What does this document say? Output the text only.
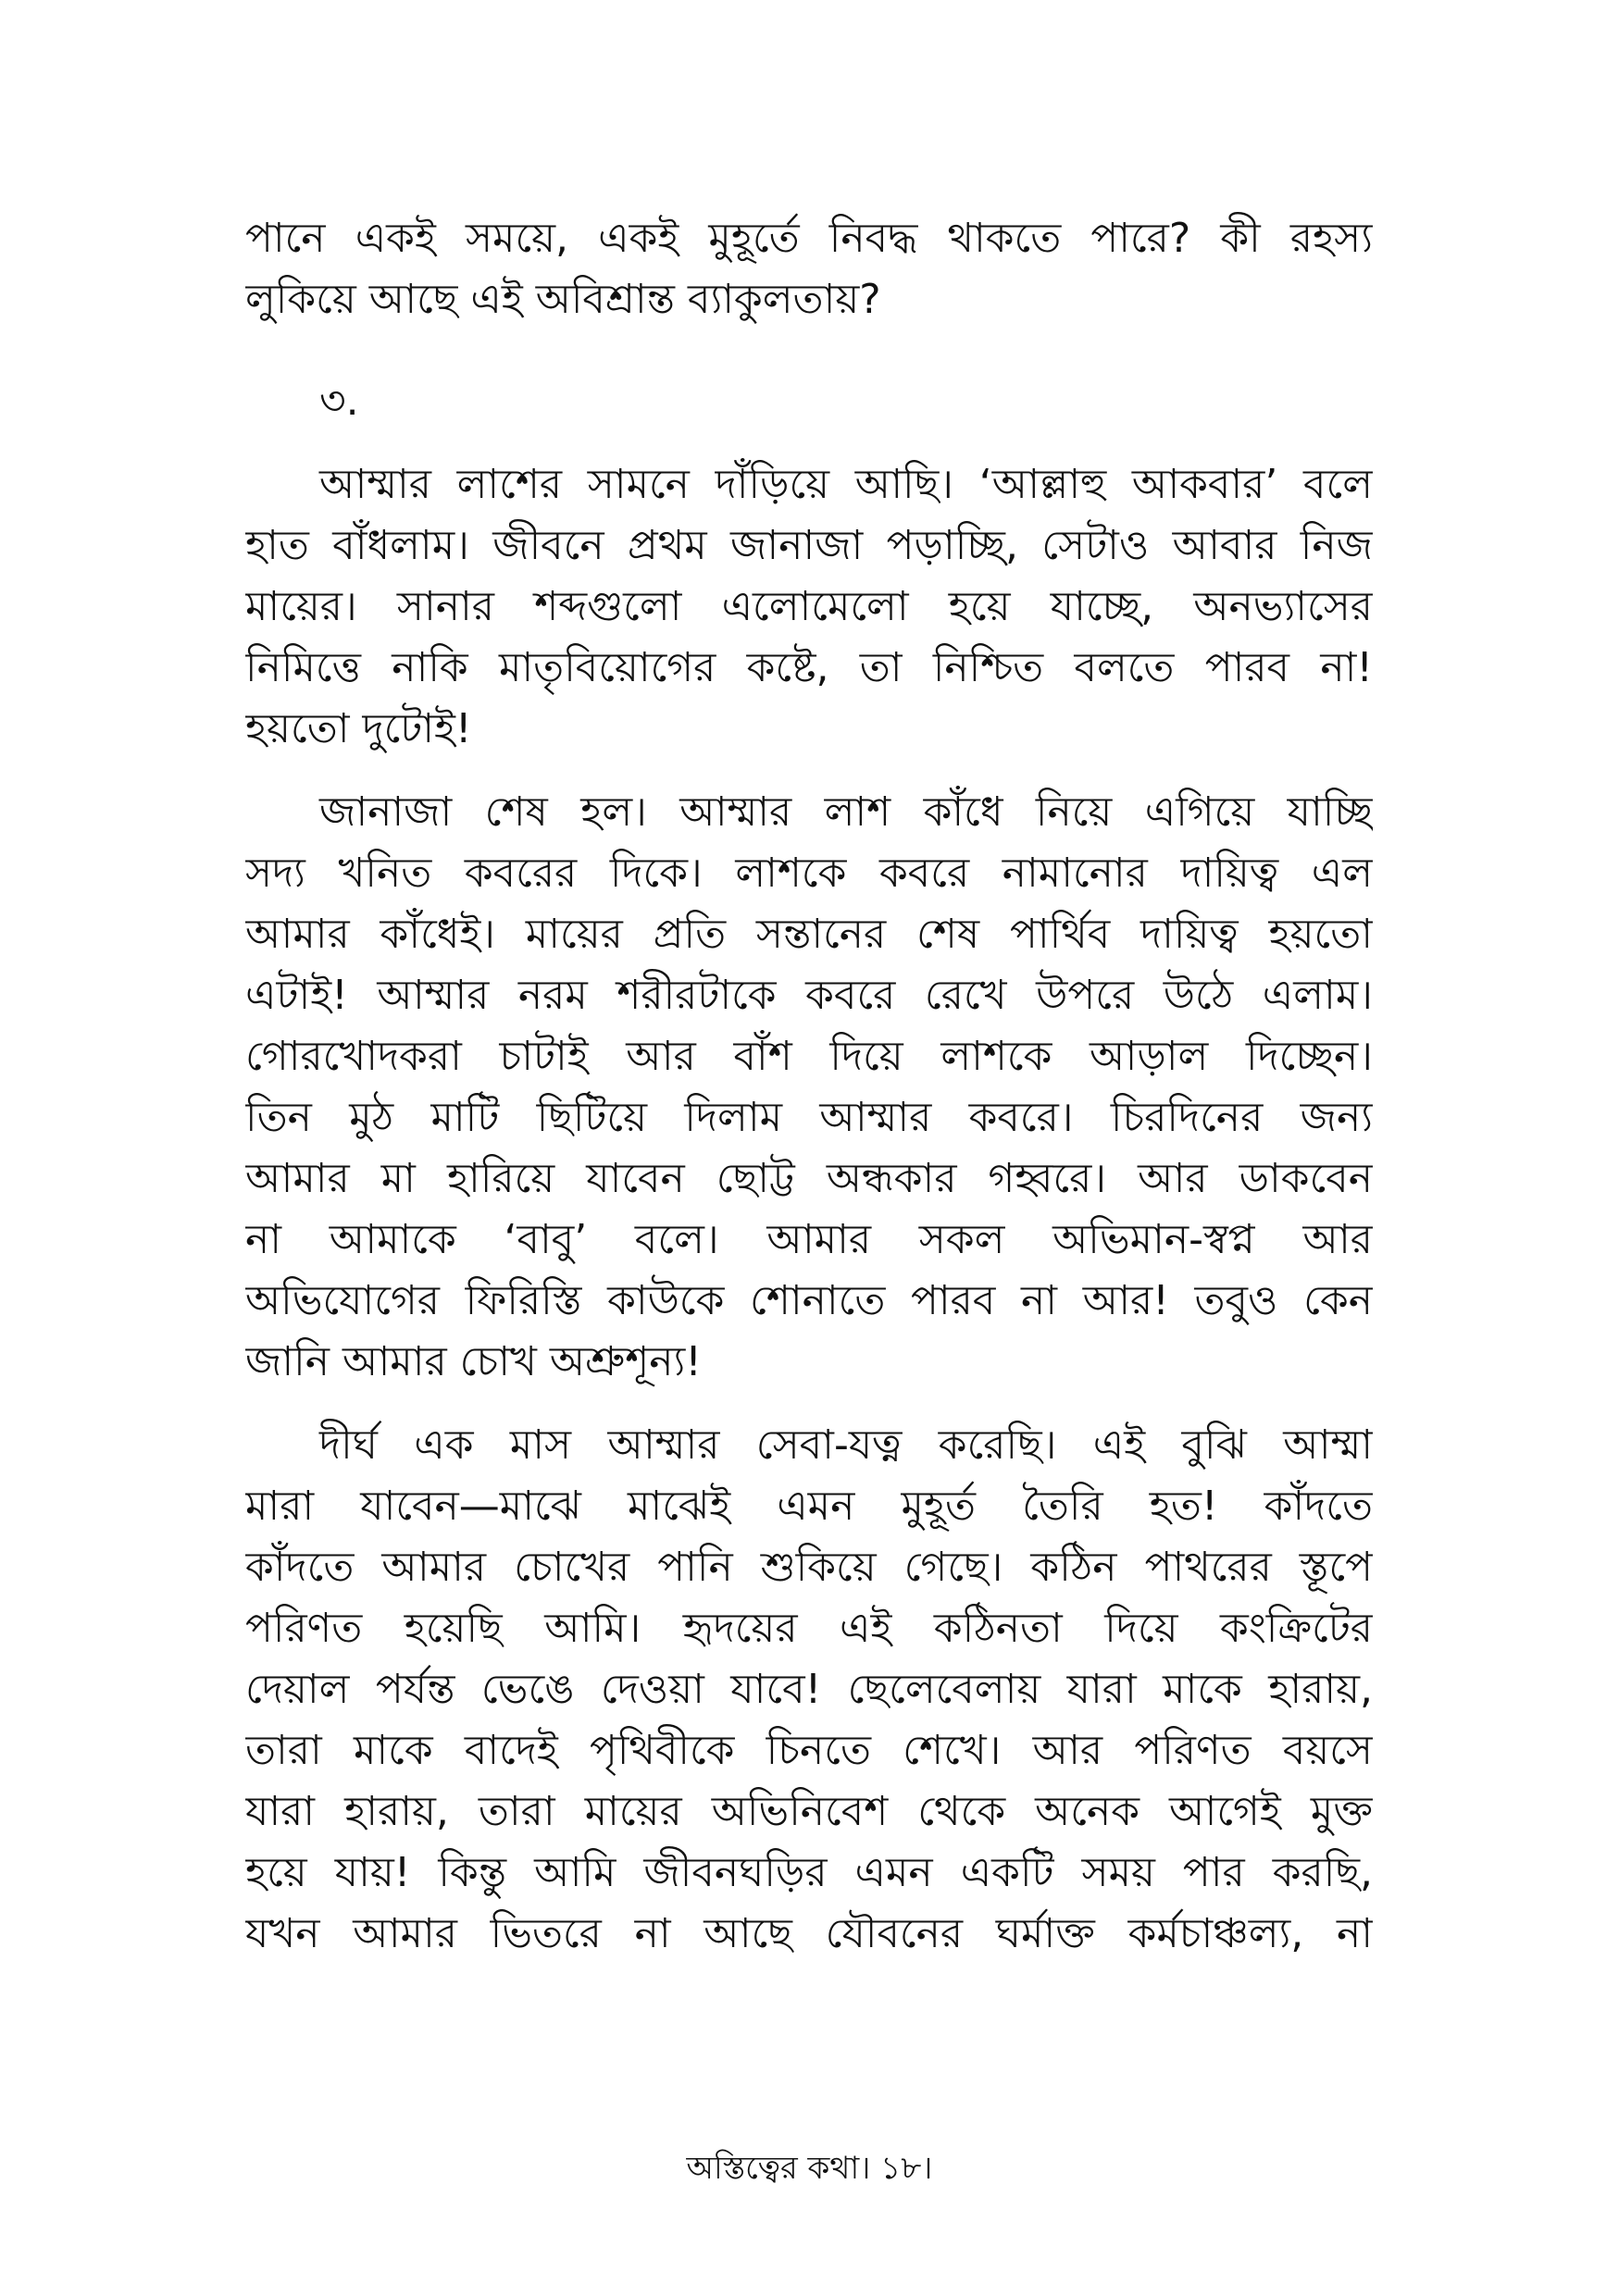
পানে একই সময়ে, একই মুহূর্তে নিবদ্ধ থাকতে পারে? কী রহস্য
লুকিয়ে আছে এই অবিশ্রান্ত ব্যাকুলতায়?
৩.
আম্মার লাশের সামনে দাঁড়িয়ে আছি। ‘আল্লাহু আকবার’ বলে
হাত বাঁধলাম। জীবনে প্রথম জানাজা পড়াচ্ছি, সেটাও আবার নিজ
মায়ের। সানার শব্দগুলো এলোমেলো হয়ে যাচ্ছে, অনভ্যাসের
নিমিত্তে নাকি মাতৃবিয়োগের কষ্টে, তা নিশ্চিত বলতে পারব না!
হয়তো দুটোই!
জানাজা শেষ হল। আম্মার লাশ কাঁধে নিয়ে এগিয়ে যাচ্ছি
সদ্য খনিত কবরের দিকে। লাশকে কবরে নামানোর দায়িত্ব এল
আমার কাঁধেই। মায়ের প্রতি সন্তানের শেষ পার্থিব দায়িত্ব হয়তো
এটাই! আম্মার নরম শরীরটাকে কবরে রেখে উপরে উঠে এলাম।
গোরখোদকরা চাটাই আর বাঁশ দিয়ে লাশকে আড়াল দিচ্ছেন।
তিন মুঠ মাটি ছিটিয়ে দিলাম আম্মার কবরে। চিরদিনের জন্য
আমার মা হারিয়ে যাবেন ছোট্ট অন্ধকার গহ্বরে। আর ডাকবেন
না আমাকে ‘বাবু’ বলে। আমার সকল অভিমান-স্বপ্ন আর
অভিযোগের ফিরিস্তি কাউকে শোনাতে পারব না আর! তবুও কেন
জানি আমার চোখ অশ্রুশূন্য!
দীর্ঘ এক মাস আম্মার সেবা-যত্ন করেছি। এই বুঝি আম্মা
মারা যাবেন—মাঝে মাঝেই এমন মুহূর্ত তৈরি হত! কাঁদতে
কাঁদতে আমার চোখের পানি শুকিয়ে গেছে। কঠিন পাথরের স্তূপে
পরিণত হয়েছি আমি। হৃদয়ের এই কঠিনতা দিয়ে কংক্রিটের
দেয়াল পর্যন্ত ভেঙে দেওয়া যাবে! ছেলেবেলায় যারা মাকে হারায়,
তারা মাকে বাদেই পৃথিবীকে চিনতে শেখে। আর পরিণত বয়সে
যারা হারায়, তারা মায়ের অভিনিবেশ থেকে অনেক আগেই মুক্ত
হয়ে যায়! কিন্তু আমি জীবনঘড়ির এমন একটি সময় পার করছি,
যখন আমার ভিতরে না আছে যৌবনের ঘর্মাক্ত কর্মচাঞ্চল্য, না
অস্তিত্বের কথা। ১৮।
